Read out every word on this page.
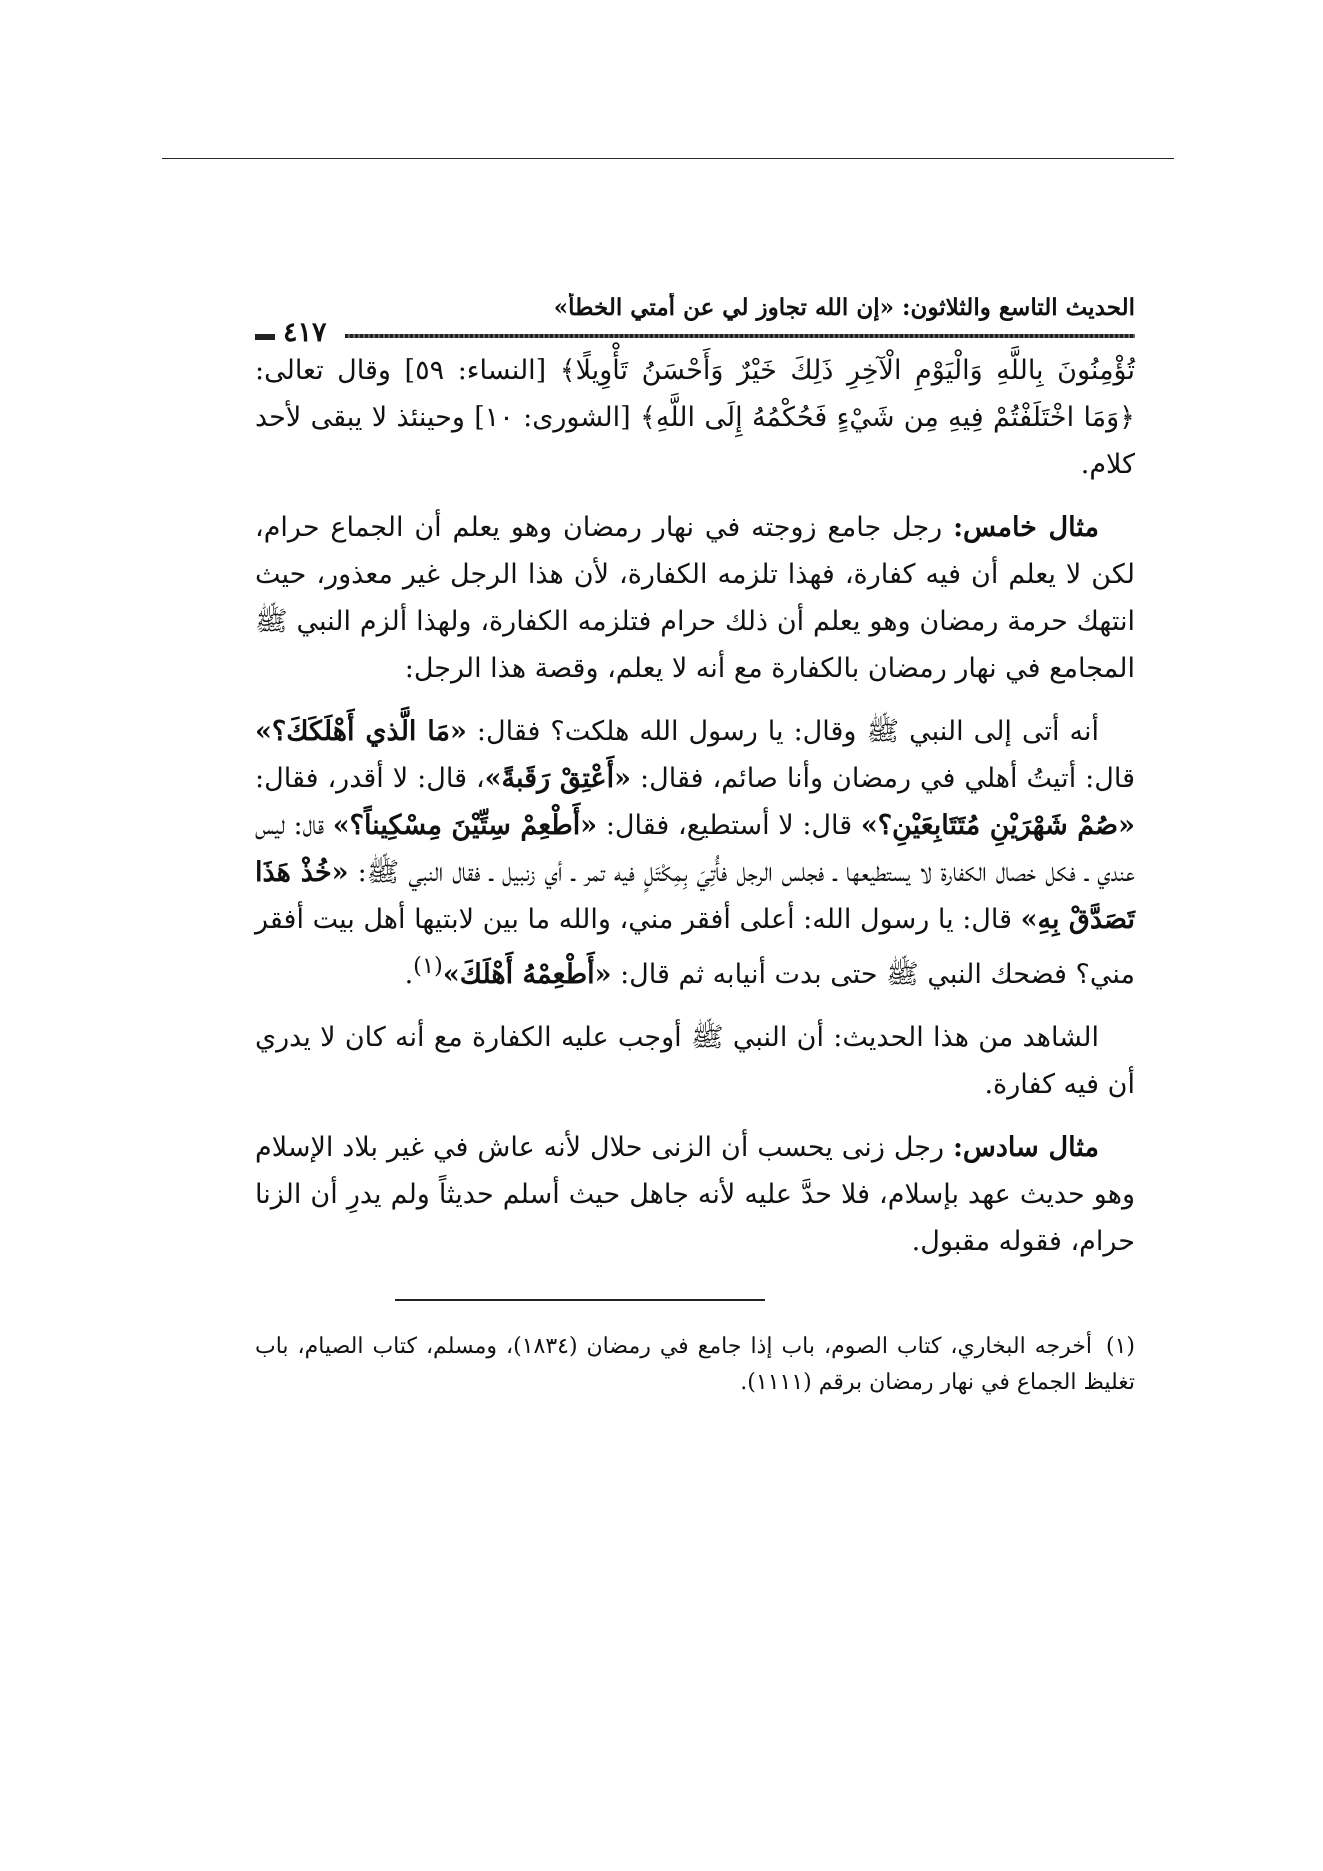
الحديث التاسع والثلاثون: «إن الله تجاوز لي عن أمتي الخطأ»
٤١٧

تُؤْمِنُونَ بِاللَّهِ وَالْيَوْمِ الْآخِرِ ذَلِكَ خَيْرٌ وَأَحْسَنُ تَأْوِيلًا﴾ [النساء: ٥٩] وقال تعالى: ﴿وَمَا اخْتَلَفْتُمْ فِيهِ مِن شَيْءٍ فَحُكْمُهُ إِلَى اللَّهِ﴾ [الشورى: ١٠] وحينئذ لا يبقى لأحد كلام.

مثال خامس: رجل جامع زوجته في نهار رمضان وهو يعلم أن الجماع حرام، لكن لا يعلم أن فيه كفارة، فهذا تلزمه الكفارة، لأن هذا الرجل غير معذور، حيث انتهك حرمة رمضان وهو يعلم أن ذلك حرام فتلزمه الكفارة، ولهذا ألزم النبي ﷺ المجامع في نهار رمضان بالكفارة مع أنه لا يعلم، وقصة هذا الرجل:

أنه أتى إلى النبي ﷺ وقال: يا رسول الله هلكت؟ فقال: «مَا الَّذي أَهْلَكَكَ؟» قال: أتيتُ أهلي في رمضان وأنا صائم، فقال: «أَعْتِقْ رَقَبةً»، قال: لا أقدر، فقال: «صُمْ شَهْرَيْنِ مُتَتَابِعَيْنِ؟» قال: لا أستطيع، فقال: «أَطْعِمْ سِتِّيْنَ مِسْكِيناً؟» قال: ليس عندي ـ فكل خصال الكفارة لا يستطيعها ـ فجلس الرجل فأُتِيَ بِمِكْتَلٍ فيه تمر ـ أي زنبيل ـ فقال النبي ﷺ: «خُذْ هَذَا تَصَدَّقْ بِهِ» قال: يا رسول الله: أعلى أفقر مني، والله ما بين لابتيها أهل بيت أفقر مني؟ فضحك النبي ﷺ حتى بدت أنيابه ثم قال: «أَطْعِمْهُ أَهْلَكَ»$^{(١)}$.

الشاهد من هذا الحديث: أن النبي ﷺ أوجب عليه الكفارة مع أنه كان لا يدري أن فيه كفارة.

مثال سادس: رجل زنى يحسب أن الزنى حلال لأنه عاش في غير بلاد الإسلام وهو حديث عهد بإسلام، فلا حدَّ عليه لأنه جاهل حيث أسلم حديثاً ولم يدرِ أن الزنا حرام، فقوله مقبول.

(١)أخرجه البخاري، كتاب الصوم، باب إذا جامع في رمضان (١٨٣٤)، ومسلم، كتاب الصيام، باب تغليظ الجماع في نهار رمضان برقم (١١١١).
